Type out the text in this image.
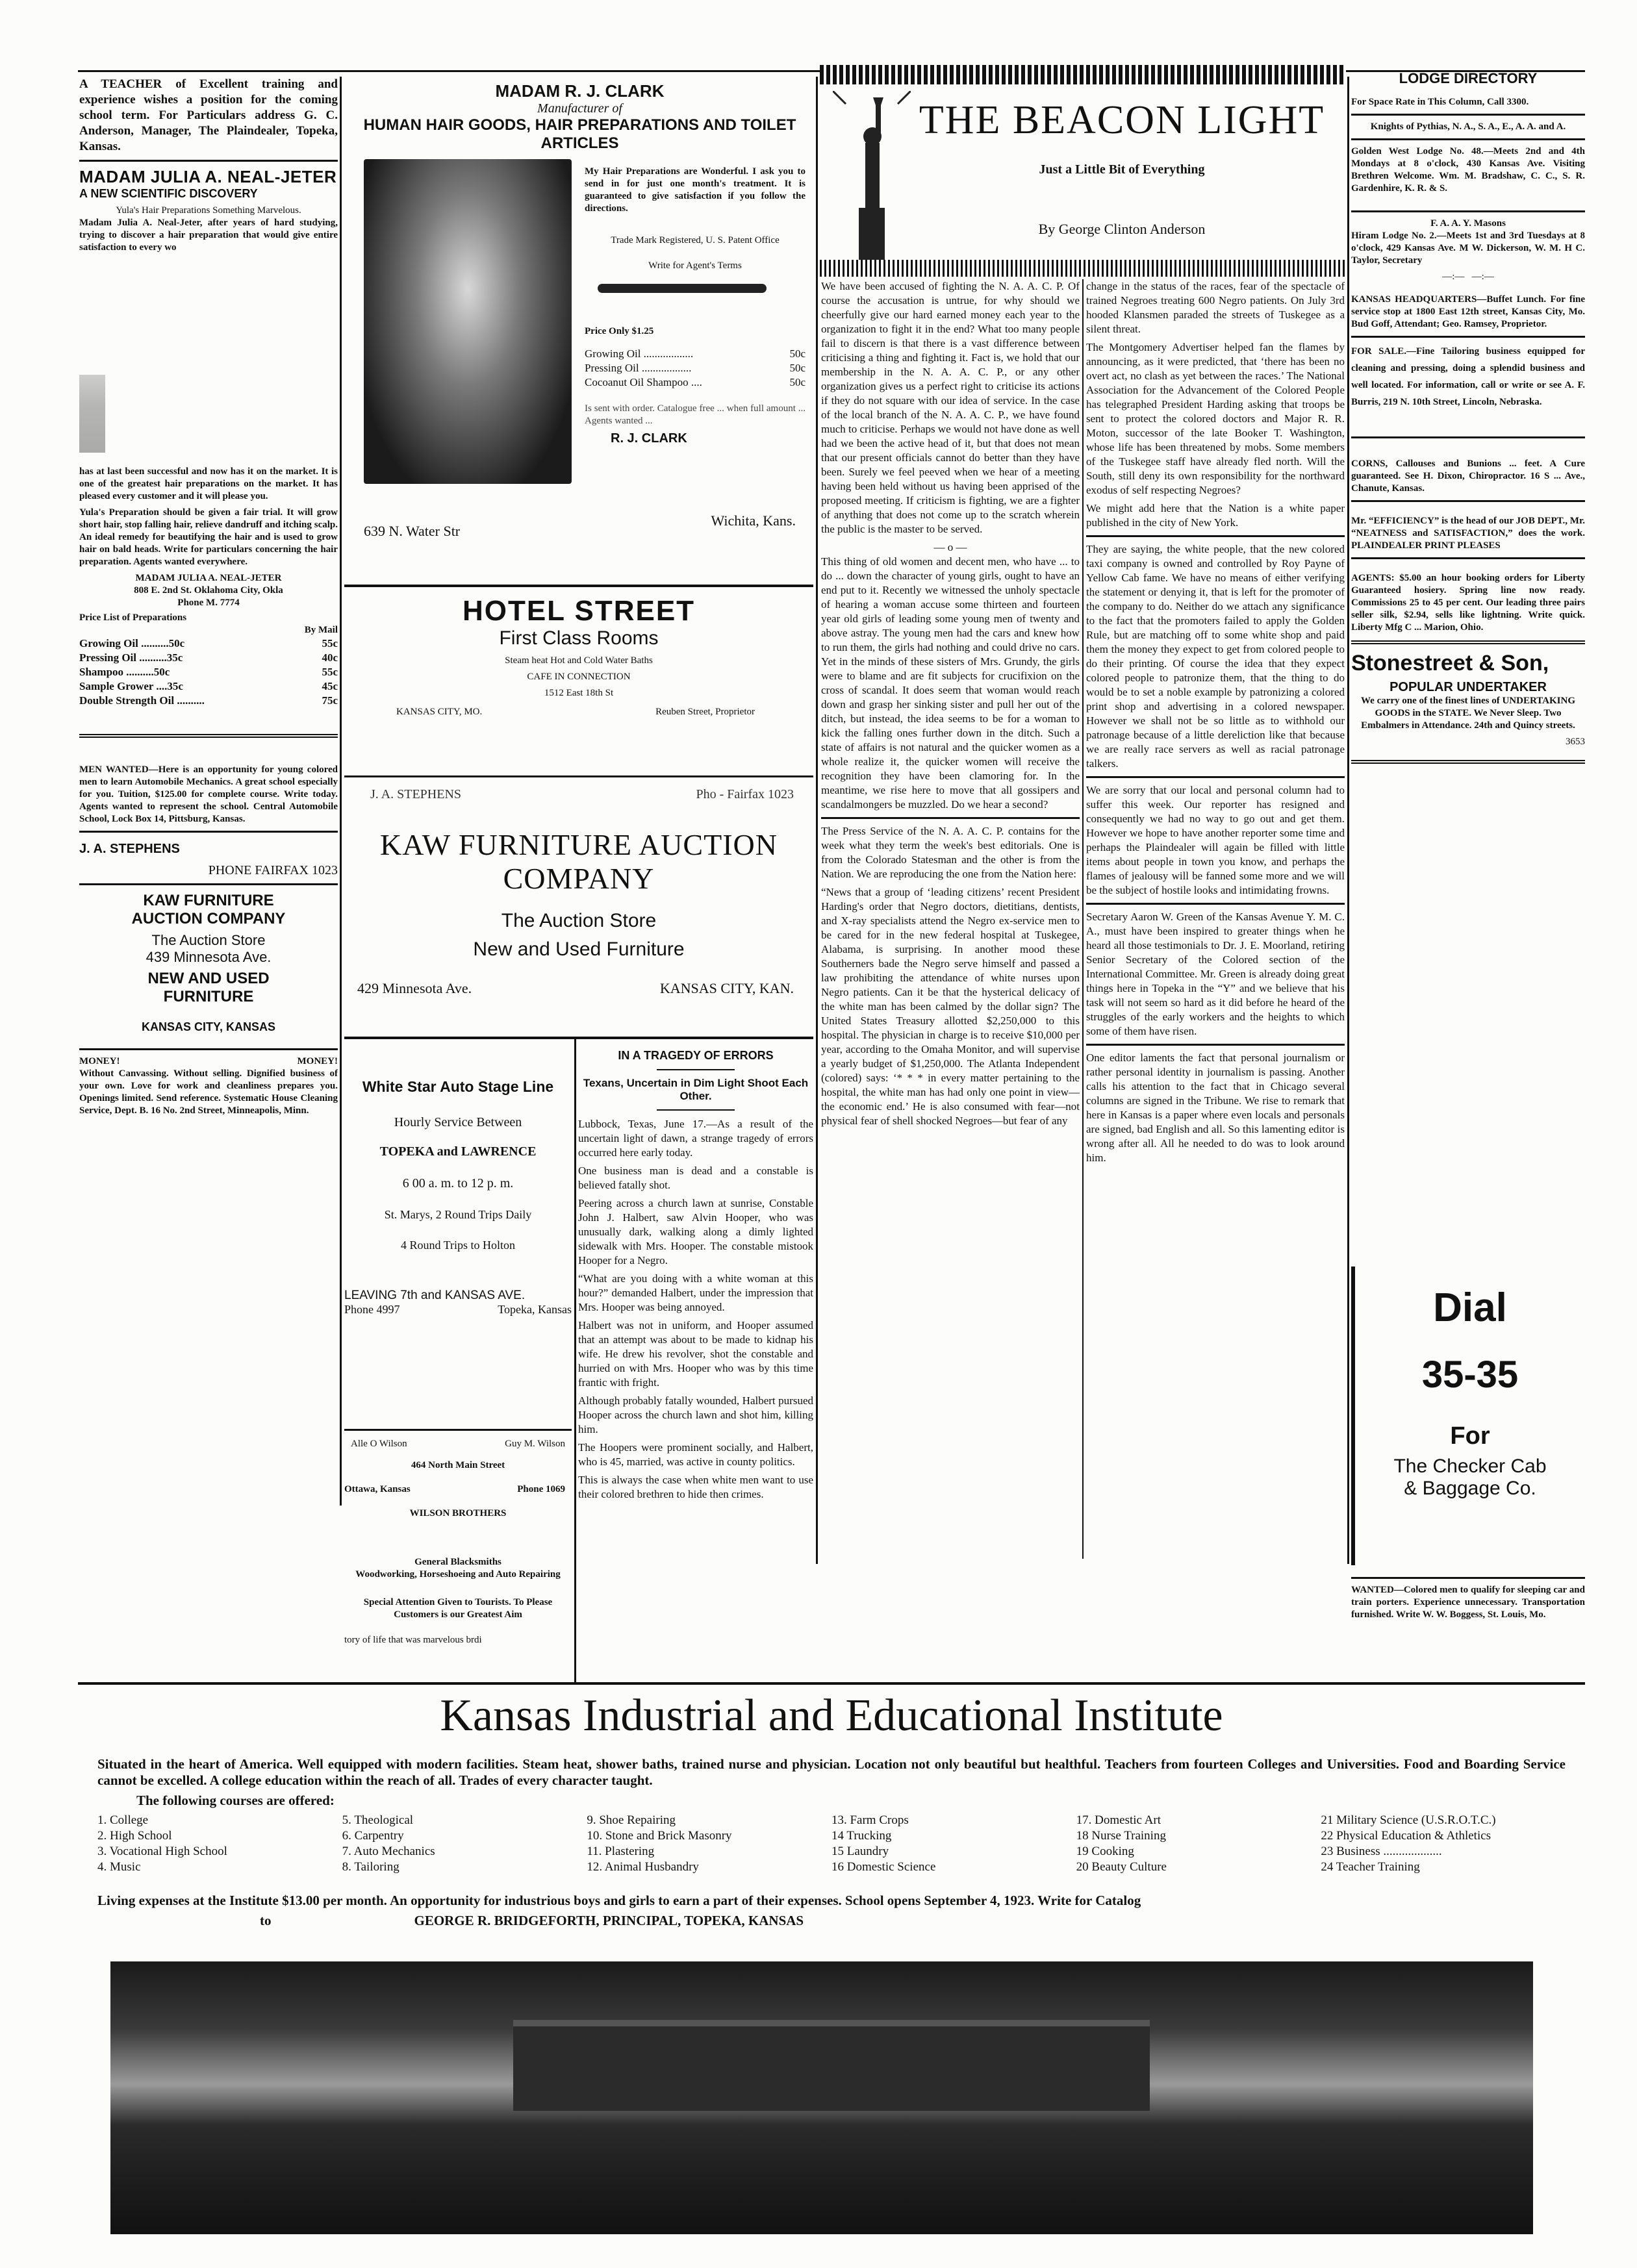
A TEACHER of Excellent training and experience wishes a position for the coming school term. For Particulars address G. C. Anderson, Manager, The Plaindealer, Topeka, Kansas.

MADAM JULIA A. NEAL-JETER
A NEW SCIENTIFIC DISCOVERY
Yula's Hair Preparations Something Marvelous.

Madam Julia A. Neal-Jeter, after years of hard studying, trying to discover a hair preparation that would give entire satisfaction to every wo

has at last been successful and now has it on the market. It is one of the greatest hair preparations on the market. It has pleased every customer and it will please you.

Yula's Preparation should be given a fair trial. It will grow short hair, stop falling hair, relieve dandruff and itching scalp. An ideal remedy for beautifying the hair and is used to grow hair on bald heads. Write for particulars concerning the hair preparation. Agents wanted everywhere.

MADAM JULIA A. NEAL-JETER
808 E. 2nd St. Oklahoma City, Okla
Phone M. 7774
Price List of Preparations
By Mail
Growing Oil ..........50c	55c
Pressing Oil ..........35c	40c
Shampoo ..........50c	55c
Sample Grower ....35c	45c
Double Strength Oil ..........	75c

MEN WANTED—Here is an opportunity for young colored men to learn Automobile Mechanics. A great school especially for you. Tuition, $125.00 for complete course. Write today. Agents wanted to represent the school. Central Automobile School, Lock Box 14, Pittsburg, Kansas.

J. A. STEPHENS
PHONE FAIRFAX 1023
KAW FURNITURE
AUCTION COMPANY
The Auction Store
439 Minnesota Ave.
NEW AND USED
FURNITURE
KANSAS CITY, KANSAS
MONEY!	MONEY!

Without Canvassing. Without selling. Dignified business of your own. Love for work and cleanliness prepares you. Openings limited. Send reference. Systematic House Cleaning Service, Dept. B. 16 No. 2nd Street, Minneapolis, Minn.

MADAM R. J. CLARK
Manufacturer of
HUMAN HAIR GOODS, HAIR PREPARATIONS AND TOILET ARTICLES

My Hair Preparations are Wonderful. I ask you to send in for just one month's treatment. It is guaranteed to give satisfaction if you follow the directions.

Trade Mark Registered, U. S. Patent Office
Write for Agent's Terms
Price Only $1.25
Growing Oil ..................	50c
Pressing Oil ..................	50c
Cocoanut Oil Shampoo ....	50c

Is sent with order. Catalogue free ... when full amount ... Agents wanted ...

R. J. CLARK
639 N. Water Str
Wichita, Kans.
HOTEL STREET
First Class Rooms
Steam heat Hot and Cold Water Baths
CAFE IN CONNECTION
1512 East 18th St
KANSAS CITY, MO.	Reuben Street, Proprietor
J. A. STEPHENS	Pho - Fairfax 1023
KAW FURNITURE AUCTION COMPANY
The Auction Store
New and Used Furniture
429 Minnesota Ave.	KANSAS CITY, KAN.
White Star Auto Stage Line
Hourly Service Between
TOPEKA and LAWRENCE
6 00 a. m. to 12 p. m.
St. Marys, 2 Round Trips Daily
4 Round Trips to Holton
LEAVING 7th and KANSAS AVE.
Phone 4997	Topeka, Kansas
Alle O Wilson	Guy M. Wilson
464 North Main Street
Ottawa, Kansas	Phone 1069
WILSON BROTHERS
General Blacksmiths
Woodworking, Horseshoeing and Auto Repairing
Special Attention Given to Tourists. To Please Customers is our Greatest Aim
tory of life that was marvelous brdi
IN A TRAGEDY OF ERRORS
Texans, Uncertain in Dim Light Shoot Each Other.

Lubbock, Texas, June 17.—As a result of the uncertain light of dawn, a strange tragedy of errors occurred here early today.

One business man is dead and a constable is believed fatally shot.

Peering across a church lawn at sunrise, Constable John J. Halbert, saw Alvin Hooper, who was unusually dark, walking along a dimly lighted sidewalk with Mrs. Hooper. The constable mistook Hooper for a Negro.

“What are you doing with a white woman at this hour?” demanded Halbert, under the impression that Mrs. Hooper was being annoyed.

Halbert was not in uniform, and Hooper assumed that an attempt was about to be made to kidnap his wife. He drew his revolver, shot the constable and hurried on with Mrs. Hooper who was by this time frantic with fright.

Although probably fatally wounded, Halbert pursued Hooper across the church lawn and shot him, killing him.

The Hoopers were prominent socially, and Halbert, who is 45, married, was active in county politics.

This is always the case when white men want to use their colored brethren to hide then crimes.

THE BEACON LIGHT
Just a Little Bit of Everything
By George Clinton Anderson

We have been accused of fighting the N. A. A. C. P. Of course the accusation is untrue, for why should we cheerfully give our hard earned money each year to the organization to fight it in the end? What too many people fail to discern is that there is a vast difference between criticising a thing and fighting it. Fact is, we hold that our membership in the N. A. A. C. P., or any other organization gives us a perfect right to criticise its actions if they do not square with our idea of service. In the case of the local branch of the N. A. A. C. P., we have found much to criticise. Perhaps we would not have done as well had we been the active head of it, but that does not mean that our present officials cannot do better than they have been. Surely we feel peeved when we hear of a meeting having been held without us having been apprised of the proposed meeting. If criticism is fighting, we are a fighter of anything that does not come up to the scratch wherein the public is the master to be served.

— o —

This thing of old women and decent men, who have ... to do ... down the character of young girls, ought to have an end put to it. Recently we witnessed the unholy spectacle of hearing a woman accuse some thirteen and fourteen year old girls of leading some young men of twenty and above astray. The young men had the cars and knew how to run them, the girls had nothing and could drive no cars. Yet in the minds of these sisters of Mrs. Grundy, the girls were to blame and are fit subjects for crucifixion on the cross of scandal. It does seem that woman would reach down and grasp her sinking sister and pull her out of the ditch, but instead, the idea seems to be for a woman to kick the falling ones further down in the ditch. Such a state of affairs is not natural and the quicker women as a whole realize it, the quicker women will receive the recognition they have been clamoring for. In the meantime, we rise here to move that all gossipers and scandalmongers be muzzled. Do we hear a second?

The Press Service of the N. A. A. C. P. contains for the week what they term the week's best editorials. One is from the Colorado Statesman and the other is from the Nation. We are reproducing the one from the Nation here:

“News that a group of ‘leading citizens’ recent President Harding's order that Negro doctors, dietitians, dentists, and X-ray specialists attend the Negro ex-service men to be cared for in the new federal hospital at Tuskegee, Alabama, is surprising. In another mood these Southerners bade the Negro serve himself and passed a law prohibiting the attendance of white nurses upon Negro patients. Can it be that the hysterical delicacy of the white man has been calmed by the dollar sign? The United States Treasury allotted $2,250,000 to this hospital. The physician in charge is to receive $10,000 per year, according to the Omaha Monitor, and will supervise a yearly budget of $1,250,000. The Atlanta Independent (colored) says: ‘* * * in every matter pertaining to the hospital, the white man has had only one point in view—the economic end.’ He is also consumed with fear—not physical fear of shell shocked Negroes—but fear of any

change in the status of the races, fear of the spectacle of trained Negroes treating 600 Negro patients. On July 3rd hooded Klansmen paraded the streets of Tuskegee as a silent threat.

The Montgomery Advertiser helped fan the flames by announcing, as it were predicted, that ‘there has been no overt act, no clash as yet between the races.’ The National Association for the Advancement of the Colored People has telegraphed President Harding asking that troops be sent to protect the colored doctors and Major R. R. Moton, successor of the late Booker T. Washington, whose life has been threatened by mobs. Some members of the Tuskegee staff have already fled north. Will the South, still deny its own responsibility for the northward exodus of self respecting Negroes?

We might add here that the Nation is a white paper published in the city of New York.

They are saying, the white people, that the new colored taxi company is owned and controlled by Roy Payne of Yellow Cab fame. We have no means of either verifying the statement or denying it, that is left for the promoter of the company to do. Neither do we attach any significance to the fact that the promoters failed to apply the Golden Rule, but are matching off to some white shop and paid them the money they expect to get from colored people to do their printing. Of course the idea that they expect colored people to patronize them, that the thing to do would be to set a noble example by patronizing a colored print shop and advertising in a colored newspaper. However we shall not be so little as to withhold our patronage because of a little dereliction like that because we are really race servers as well as racial patronage talkers.

We are sorry that our local and personal column had to suffer this week. Our reporter has resigned and consequently we had no way to go out and get them. However we hope to have another reporter some time and perhaps the Plaindealer will again be filled with little items about people in town you know, and perhaps the flames of jealousy will be fanned some more and we will be the subject of hostile looks and intimidating frowns.

Secretary Aaron W. Green of the Kansas Avenue Y. M. C. A., must have been inspired to greater things when he heard all those testimonials to Dr. J. E. Moorland, retiring Senior Secretary of the Colored section of the International Committee. Mr. Green is already doing great things here in Topeka in the “Y” and we believe that his task will not seem so hard as it did before he heard of the struggles of the early workers and the heights to which some of them have risen.

One editor laments the fact that personal journalism or rather personal identity in journalism is passing. Another calls his attention to the fact that in Chicago several columns are signed in the Tribune. We rise to remark that here in Kansas is a paper where even locals and personals are signed, bad English and all. So this lamenting editor is wrong after all. All he needed to do was to look around him.

LODGE DIRECTORY

For Space Rate in This Column, Call 3300.

Knights of Pythias, N. A., S. A., E., A. A. and A.

Golden West Lodge No. 48.—Meets 2nd and 4th Mondays at 8 o'clock, 430 Kansas Ave. Visiting Brethren Welcome. Wm. M. Bradshaw, C. C., S. R. Gardenhire, K. R. & S.

F. A. A. Y. Masons

Hiram Lodge No. 2.—Meets 1st and 3rd Tuesdays at 8 o'clock, 429 Kansas Ave. M W. Dickerson, W. M. H C. Taylor, Secretary

—:—   —:—

KANSAS HEADQUARTERS—Buffet Lunch. For fine service stop at 1800 East 12th street, Kansas City, Mo. Bud Goff, Attendant; Geo. Ramsey, Proprietor.

FOR SALE.—Fine Tailoring business equipped for cleaning and pressing, doing a splendid business and well located. For information, call or write or see A. F. Burris, 219 N. 10th Street, Lincoln, Nebraska.

CORNS, Callouses and Bunions ... feet. A Cure guaranteed. See H. Dixon, Chiropractor. 16 S ... Ave., Chanute, Kansas.

Mr. “EFFICIENCY” is the head of our JOB DEPT., Mr. “NEATNESS and SATISFACTION,” does the work. PLAINDEALER PRINT PLEASES

AGENTS: $5.00 an hour booking orders for Liberty Guaranteed hosiery. Spring line now ready. Commissions 25 to 45 per cent. Our leading three pairs seller silk, $2.94, sells like lightning. Write quick. Liberty Mfg C ... Marion, Ohio.

Stonestreet & Son,
POPULAR UNDERTAKER

We carry one of the finest lines of UNDERTAKING GOODS in the STATE. We Never Sleep. Two Embalmers in Attendance. 24th and Quincy streets.

3653
Dial
35-35
For
The Checker Cab
& Baggage Co.

WANTED—Colored men to qualify for sleeping car and train porters. Experience unnecessary. Transportation furnished. Write W. W. Boggess, St. Louis, Mo.

Kansas Industrial and Educational Institute

Situated in the heart of America. Well equipped with modern facilities. Steam heat, shower baths, trained nurse and physician. Location not only beautiful but healthful. Teachers from fourteen Colleges and Universities. Food and Boarding Service cannot be excelled. A college education within the reach of all. Trades of every character taught.

The following courses are offered:
1. College	5. Theological	9. Shoe Repairing	13. Farm Crops	17. Domestic Art	21 Military Science (U.S.R.O.T.C.)
2. High School	6. Carpentry	10. Stone and Brick Masonry	14 Trucking	18 Nurse Training	22 Physical Education & Athletics
3. Vocational High School	7. Auto Mechanics	11. Plastering	15 Laundry	19 Cooking	23 Business ...................
4. Music	8. Tailoring	12. Animal Husbandry	16 Domestic Science	20 Beauty Culture	24 Teacher Training

Living expenses at the Institute $13.00 per month. An opportunity for industrious boys and girls to earn a part of their expenses. School opens September 4, 1923. Write for Catalog

to	GEORGE R. BRIDGEFORTH, PRINCIPAL, TOPEKA, KANSAS
